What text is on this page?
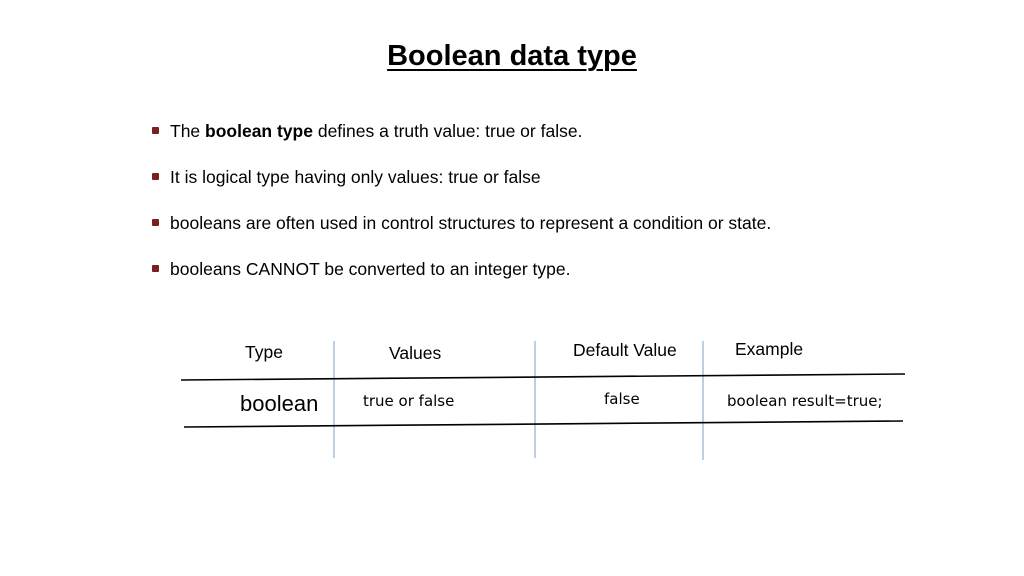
Boolean data type
The boolean type defines a truth value: true or false.
It is logical type having only values: true or false
booleans are often used in control structures to represent a condition or state.
booleans CANNOT be converted to an integer type.
Type	Values	Default Value	Example
boolean	true or false	false	boolean result=true;
